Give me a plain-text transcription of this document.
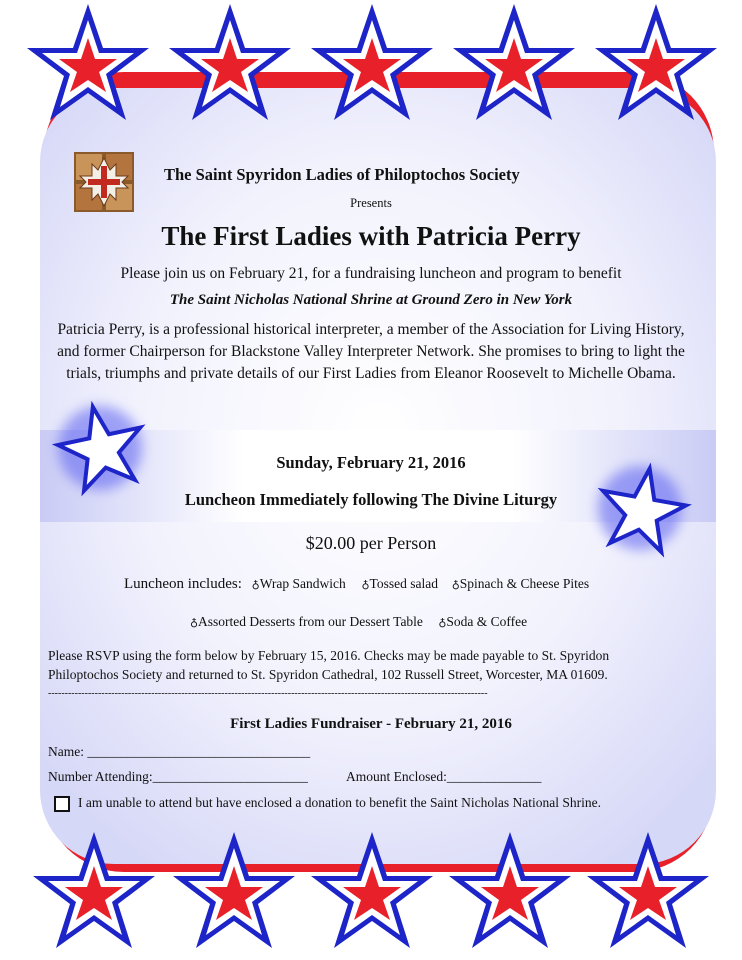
The Saint Spyridon Ladies of Philoptochos Society
Presents
The First Ladies with Patricia Perry
Please join us on February 21, for a fundraising luncheon and program to benefit
The Saint Nicholas National Shrine at Ground Zero in New York
Patricia Perry, is a professional historical interpreter, a member of the Association for Living History, and former Chairperson for Blackstone Valley Interpreter Network. She promises to bring to light the trials, triumphs and private details of our First Ladies from Eleanor Roosevelt to Michelle Obama.
Sunday, February 21, 2016
Luncheon Immediately following The Divine Liturgy
$20.00 per Person
Luncheon includes: ♁Wrap Sandwich ♁Tossed salad ♁Spinach & Cheese Pites
♁Assorted Desserts from our Dessert Table ♁Soda & Coffee
Please RSVP using the form below by February 15, 2016. Checks may be made payable to St. Spyridon Philoptochos Society and returned to St. Spyridon Cathedral, 102 Russell Street, Worcester, MA 01609.
------------------------------------------------------------------------------------------------------------------------------------
First Ladies Fundraiser - February 21, 2016
Name: _________________________________
Number Attending:_______________________	Amount Enclosed:______________
I am unable to attend but have enclosed a donation to benefit the Saint Nicholas National Shrine.
